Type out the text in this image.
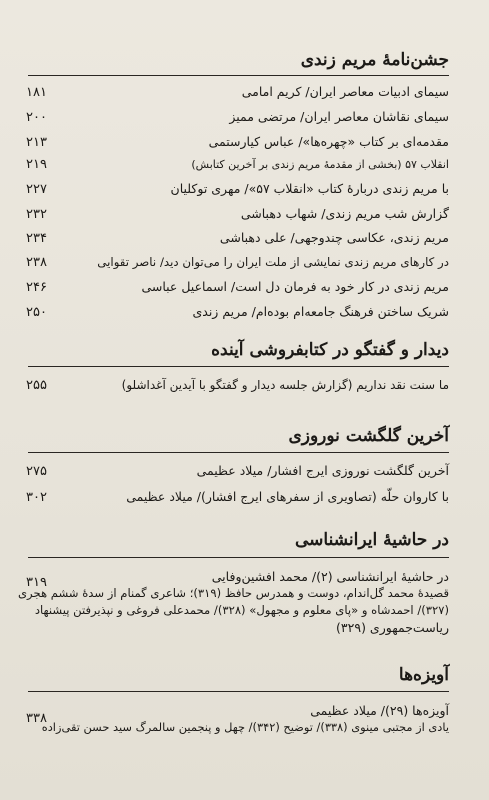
جشن‌نامهٔ مریم زندی
سیمای ادبیات معاصر ایران/ کریم امامی
۱۸۱
سیمای نقاشان معاصر ایران/ مرتضی ممیز
۲۰۰
مقدمه‌ای بر کتاب «چهره‌ها»/ عباس کیارستمی
۲۱۳
انقلاب ۵۷ (بخشی از مقدمهٔ مریم زندی بر آخرین کتابش)
۲۱۹
با مریم زندی دربارهٔ کتاب «انقلاب ۵۷»/ مهری توکلیان
۲۲۷
گزارش شب مریم زندی/ شهاب دهباشی
۲۳۲
مریم زندی، عکاسی چندوجهی/ علی دهباشی
۲۳۴
در کارهای مریم زندی نمایشی از ملت ایران را می‌توان دید/ ناصر تقوایی
۲۳۸
مریم زندی در کار خود به فرمان دل است/ اسماعیل عباسی
۲۴۶
شریک ساختن فرهنگ جامعه‌ام بوده‌ام/ مریم زندی
۲۵۰
دیدار و گفتگو در کتابفروشی آینده
ما سنت نقد نداریم (گزارش جلسه دیدار و گفتگو با آیدین آغداشلو)
۲۵۵
آخرین گلگشت نوروزی
آخرین گلگشت نوروزی ایرج افشار/ میلاد عظیمی
۲۷۵
با کاروان حلّه (تصاویری از سفرهای ایرج افشار)/ میلاد عظیمی
۳۰۲
در حاشیهٔ ایرانشناسی
۳۱۹	در حاشیهٔ ایرانشناسی (۲)/ محمد افشین‌وفایی
قصیدهٔ محمد گل‌اندام، دوست و همدرس حافظ (۳۱۹)؛ شاعری گمنام از سدهٔ ششم هجری
(۳۲۷)/ احمدشاه و «پای معلوم و مجهول» (۳۲۸)/ محمدعلی فروغی و نپذیرفتن پیشنهاد
ریاست‌جمهوری (۳۲۹)
آویزه‌ها
۳۳۸
آویزه‌ها (۲۹)/ میلاد عظیمی
یادی از مجتبی مینوی (۳۳۸)/ توضیح (۳۴۲)/ چهل و پنجمین سالمرگ سید حسن تقی‌زاده
